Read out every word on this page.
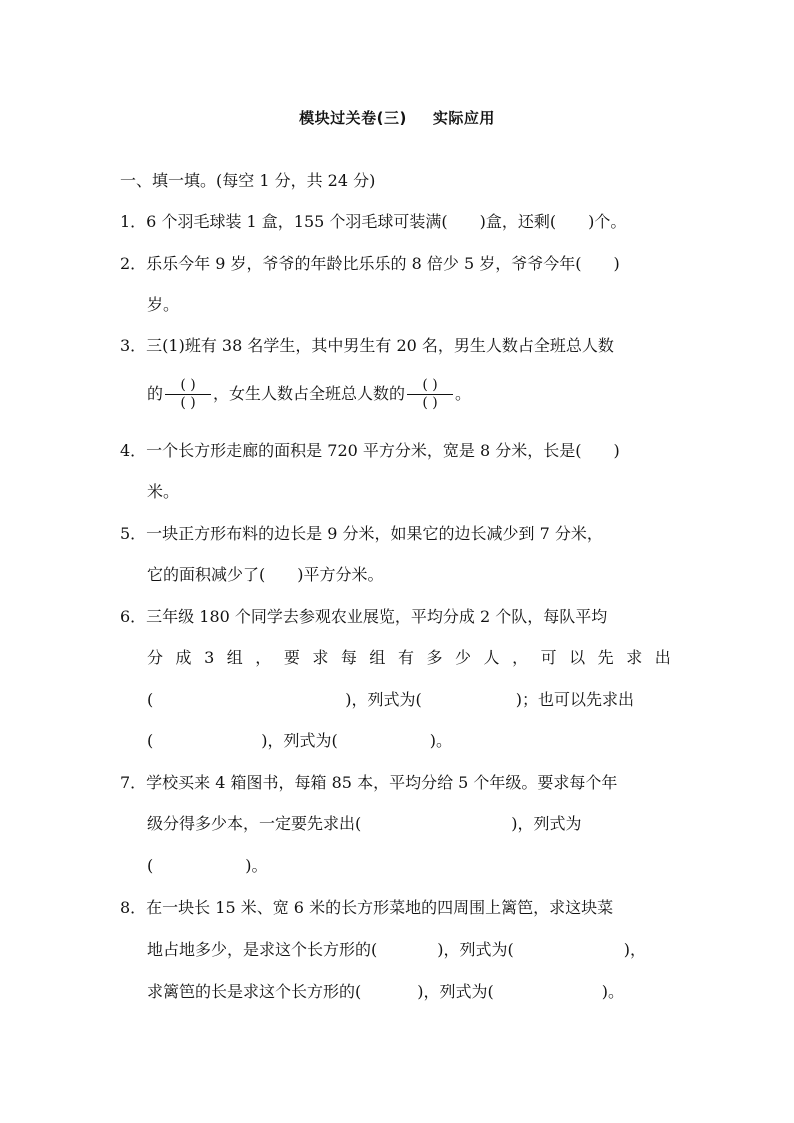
模块过关卷(三) 实际应用
一、填一填。(每空 1 分，共 24 分)
1．6 个羽毛球装 1 盒，155 个羽毛球可装满(　　)盒，还剩(　　)个。
2．乐乐今年 9 岁，爷爷的年龄比乐乐的 8 倍少 5 岁，爷爷今年(　　)
岁。
3．三(1)班有 38 名学生，其中男生有 20 名，男生人数占全班总人数
的 $\frac{( )}{( )}$ ，女生人数占全班总人数的 $\frac{( )}{( )}$ 。
4．一个长方形走廊的面积是 720 平方分米，宽是 8 分米，长是(　　)
米。
5．一块正方形布料的边长是 9 分米，如果它的边长减少到 7 分米，
它的面积减少了(　　)平方分米。
6．三年级 180 个同学去参观农业展览，平均分成 2 个队，每队平均
分 成 3 组 ， 要 求 每 组 有 多 少 人 ， 可 以 先 求 出
(	)，列式为(	)；也可以先求出
(	)，列式为(	)。
7．学校买来 4 箱图书，每箱 85 本，平均分给 5 个年级。要求每个年
级分得多少本，一定要先求出(	)，列式为
(	)。
8．在一块长 15 米、宽 6 米的长方形菜地的四周围上篱笆，求这块菜
地占地多少，是求这个长方形的(	)，列式为(	)，
求篱笆的长是求这个长方形的(	)，列式为(	)。
